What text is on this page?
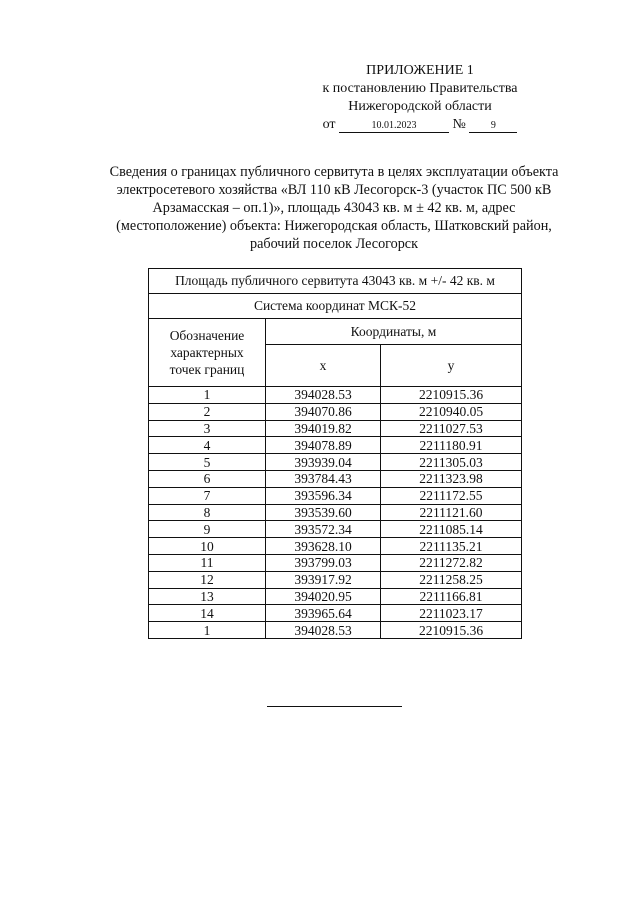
ПРИЛОЖЕНИЕ 1
к постановлению Правительства
Нижегородской области
от	10.01.2023	№	9
Сведения о границах публичного сервитута в целях эксплуатации объекта
электросетевого хозяйства «ВЛ 110 кВ Лесогорск-3 (участок ПС 500 кВ
Арзамасская – оп.1)», площадь 43043 кв. м ± 42 кв. м, адрес
(местоположение) объекта: Нижегородская область, Шатковский район,
рабочий поселок Лесогорск
Площадь публичного сервитута 43043 кв. м +/- 42 кв. м		
Система координат МСК-52		
Обозначение характерных точек границ	Координаты, м	
	x	y
1	394028.53	2210915.36
2	394070.86	2210940.05
3	394019.82	2211027.53
4	394078.89	2211180.91
5	393939.04	2211305.03
6	393784.43	2211323.98
7	393596.34	2211172.55
8	393539.60	2211121.60
9	393572.34	2211085.14
10	393628.10	2211135.21
11	393799.03	2211272.82
12	393917.92	2211258.25
13	394020.95	2211166.81
14	393965.64	2211023.17
1	394028.53	2210915.36
